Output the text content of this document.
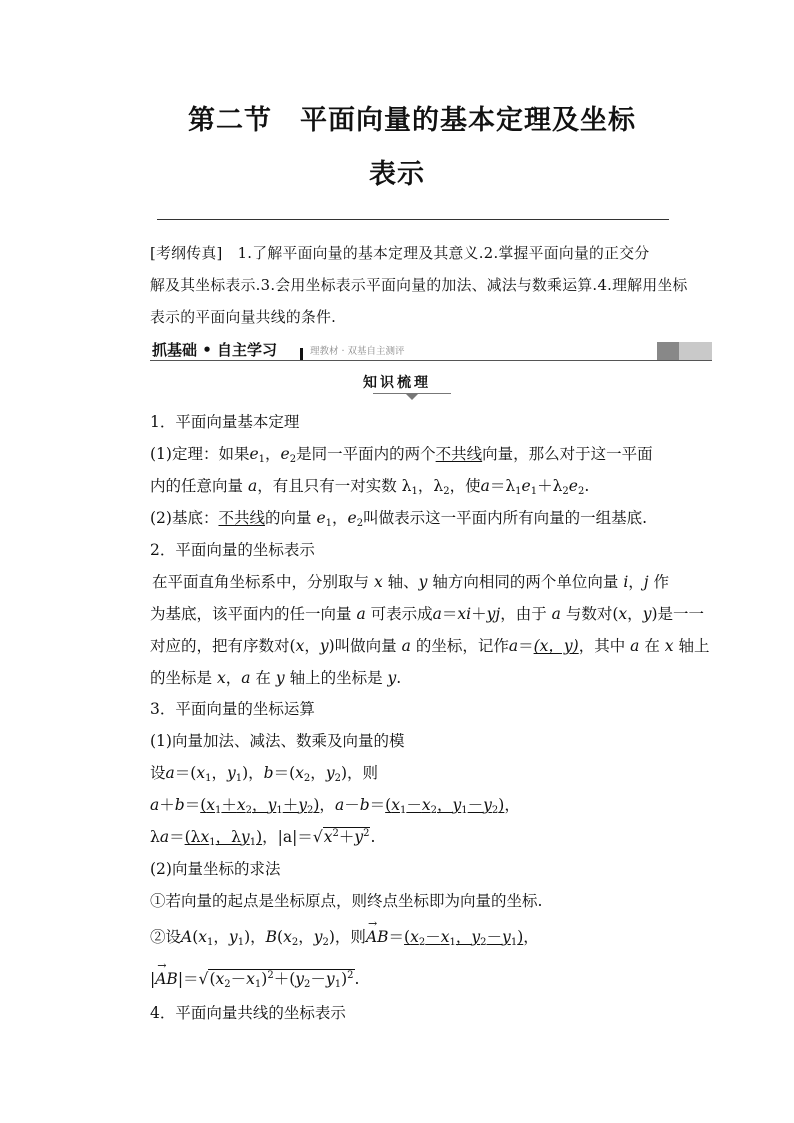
第二节　平面向量的基本定理及坐标
表示
[考纲传真] 1.了解平面向量的基本定理及其意义.2.掌握平面向量的正交分
解及其坐标表示.3.会用坐标表示平面向量的加法、减法与数乘运算.4.理解用坐标
表示的平面向量共线的条件.
抓基础 • 自主学习	理教材 · 双基自主测评
知识梳理
1．平面向量基本定理
(1)定理：如果$e_1$，$e_2$是同一平面内的两个不共线向量，那么对于这一平面
内的任意向量 a，有且只有一对实数 $\lambda_1$，$\lambda_2$，使$a=\lambda_1e_1+\lambda_2e_2$.
(2)基底：不共线的向量 $e_1$，$e_2$叫做表示这一平面内所有向量的一组基底.
2．平面向量的坐标表示
在平面直角坐标系中，分别取与 x 轴、y 轴方向相同的两个单位向量 i，j 作
为基底，该平面内的任一向量 a 可表示成a＝xi＋yj，由于 a 与数对(x，y)是一一
对应的，把有序数对(x，y)叫做向量 a 的坐标，记作a＝(x，y)，其中 a 在 x 轴上
的坐标是 x，a 在 y 轴上的坐标是 y.
3．平面向量的坐标运算
(1)向量加法、减法、数乘及向量的模
设$a=(x_1$，$y_1$)，$b=(x_2$，$y_2$)，则
$a+b=(x_1+x_2$，$y_1+y_2$)，$a-b=(x_1-x_2$，$y_1-y_2$)，
$\lambda a=(\lambda x_1$，$\lambda y_1$)，$|a|=√x^2+y^2$.
(2)向量坐标的求法
①若向量的起点是坐标原点，则终点坐标即为向量的坐标.
②设$A(x_1$，$y_1$)，$B(x_2$，$y_2$)，则→ $AB=(x_2-x_1$，$y_2-y_1$)，
|→ $AB|=√(x_2-x_1)^2+(y_2-y_1)^2$.
4．平面向量共线的坐标表示
